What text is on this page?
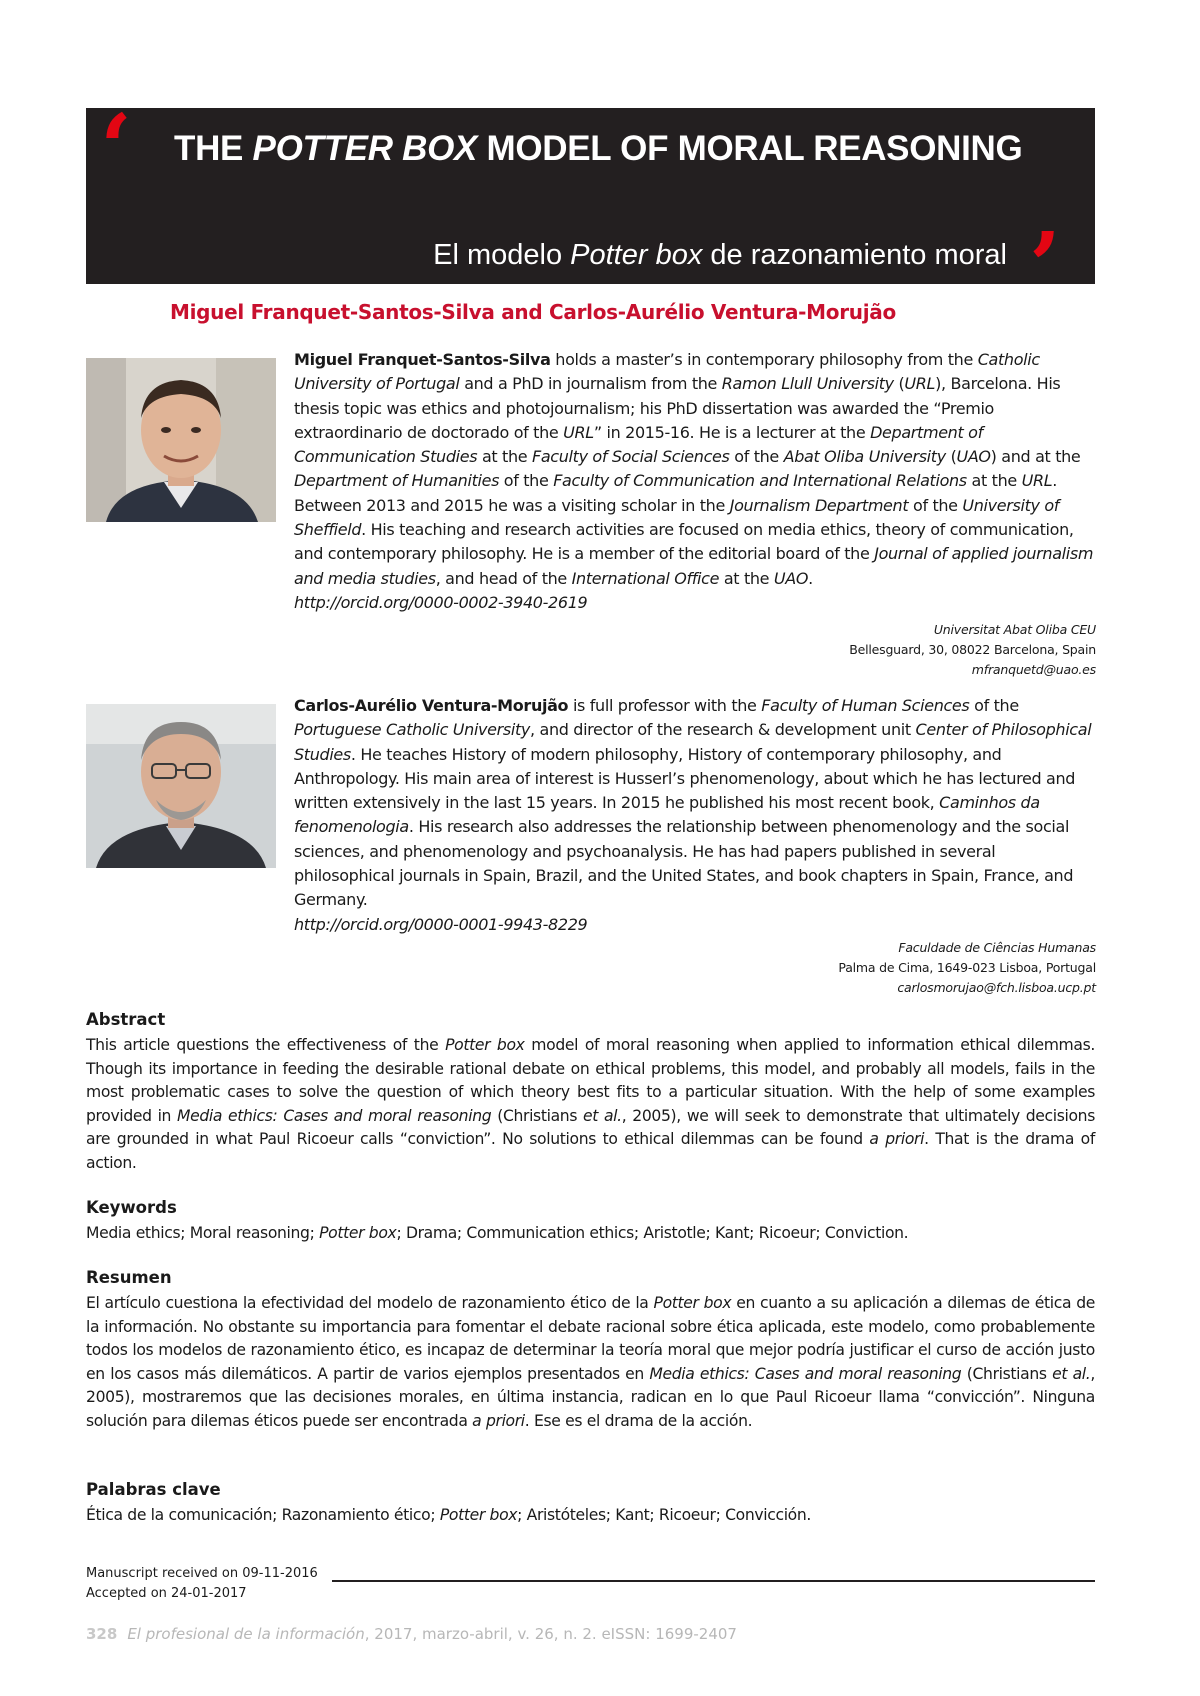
‘ THE POTTER BOX MODEL OF MORAL REASONING
El modelo Potter box de razonamiento moral ’
Miguel Franquet-Santos-Silva and Carlos-Aurélio Ventura-Morujão
Miguel Franquet-Santos-Silva holds a master’s in contemporary philosophy from the Catholic University of Portugal and a PhD in journalism from the Ramon Llull University (URL), Barcelona. His thesis topic was ethics and photojournalism; his PhD dissertation was awarded the “Premio extraordinario de doctorado of the URL” in 2015-16. He is a lecturer at the Department of Communication Studies at the Faculty of Social Sciences of the Abat Oliba University (UAO) and at the Department of Humanities of the Faculty of Communication and International Relations at the URL. Between 2013 and 2015 he was a visiting scholar in the Journalism Department of the University of Sheffield. His teaching and research activities are focused on media ethics, theory of communication, and contemporary philosophy. He is a member of the editorial board of the Journal of applied journalism and media studies, and head of the International Office at the UAO.
http://orcid.org/0000-0002-3940-2619
Universitat Abat Oliba CEU
Bellesguard, 30, 08022 Barcelona, Spain
mfranquetd@uao.es
Carlos-Aurélio Ventura-Morujão is full professor with the Faculty of Human Sciences of the Portuguese Catholic University, and director of the research & development unit Center of Philosophical Studies. He teaches History of modern philosophy, History of contemporary philosophy, and Anthropology. His main area of interest is Husserl’s phenomenology, about which he has lectured and written extensively in the last 15 years. In 2015 he published his most recent book, Caminhos da fenomenologia. His research also addresses the relationship between phenomenology and the social sciences, and phenomenology and psychoanalysis. He has had papers published in several philosophical journals in Spain, Brazil, and the United States, and book chapters in Spain, France, and Germany.
http://orcid.org/0000-0001-9943-8229
Faculdade de Ciências Humanas
Palma de Cima, 1649-023 Lisboa, Portugal
carlosmorujao@fch.lisboa.ucp.pt
Abstract

This article questions the effectiveness of the Potter box model of moral reasoning when applied to information ethical dilemmas. Though its importance in feeding the desirable rational debate on ethical problems, this model, and probably all models, fails in the most problematic cases to solve the question of which theory best fits to a particular situation. With the help of some examples provided in Media ethics: Cases and moral reasoning (Christians et al., 2005), we will seek to demonstrate that ultimately decisions are grounded in what Paul Ricoeur calls “conviction”. No solutions to ethical dilemmas can be found a priori. That is the drama of action.

Keywords

Media ethics; Moral reasoning; Potter box; Drama; Communication ethics; Aristotle; Kant; Ricoeur; Conviction.

Resumen

El artículo cuestiona la efectividad del modelo de razonamiento ético de la Potter box en cuanto a su aplicación a dilemas de ética de la información. No obstante su importancia para fomentar el debate racional sobre ética aplicada, este modelo, como probablemente todos los modelos de razonamiento ético, es incapaz de determinar la teoría moral que mejor podría justificar el curso de acción justo en los casos más dilemáticos. A partir de varios ejemplos presentados en Media ethics: Cases and moral reasoning (Christians et al., 2005), mostraremos que las decisiones morales, en última instancia, radican en lo que Paul Ricoeur llama “convicción”. Ninguna solución para dilemas éticos puede ser encontrada a priori. Ese es el drama de la acción.

Palabras clave

Ética de la comunicación; Razonamiento ético; Potter box; Aristóteles; Kant; Ricoeur; Convicción.

Manuscript received on 09-11-2016
Accepted on 24-01-2017
328 El profesional de la información, 2017, marzo-abril, v. 26, n. 2. eISSN: 1699-2407
